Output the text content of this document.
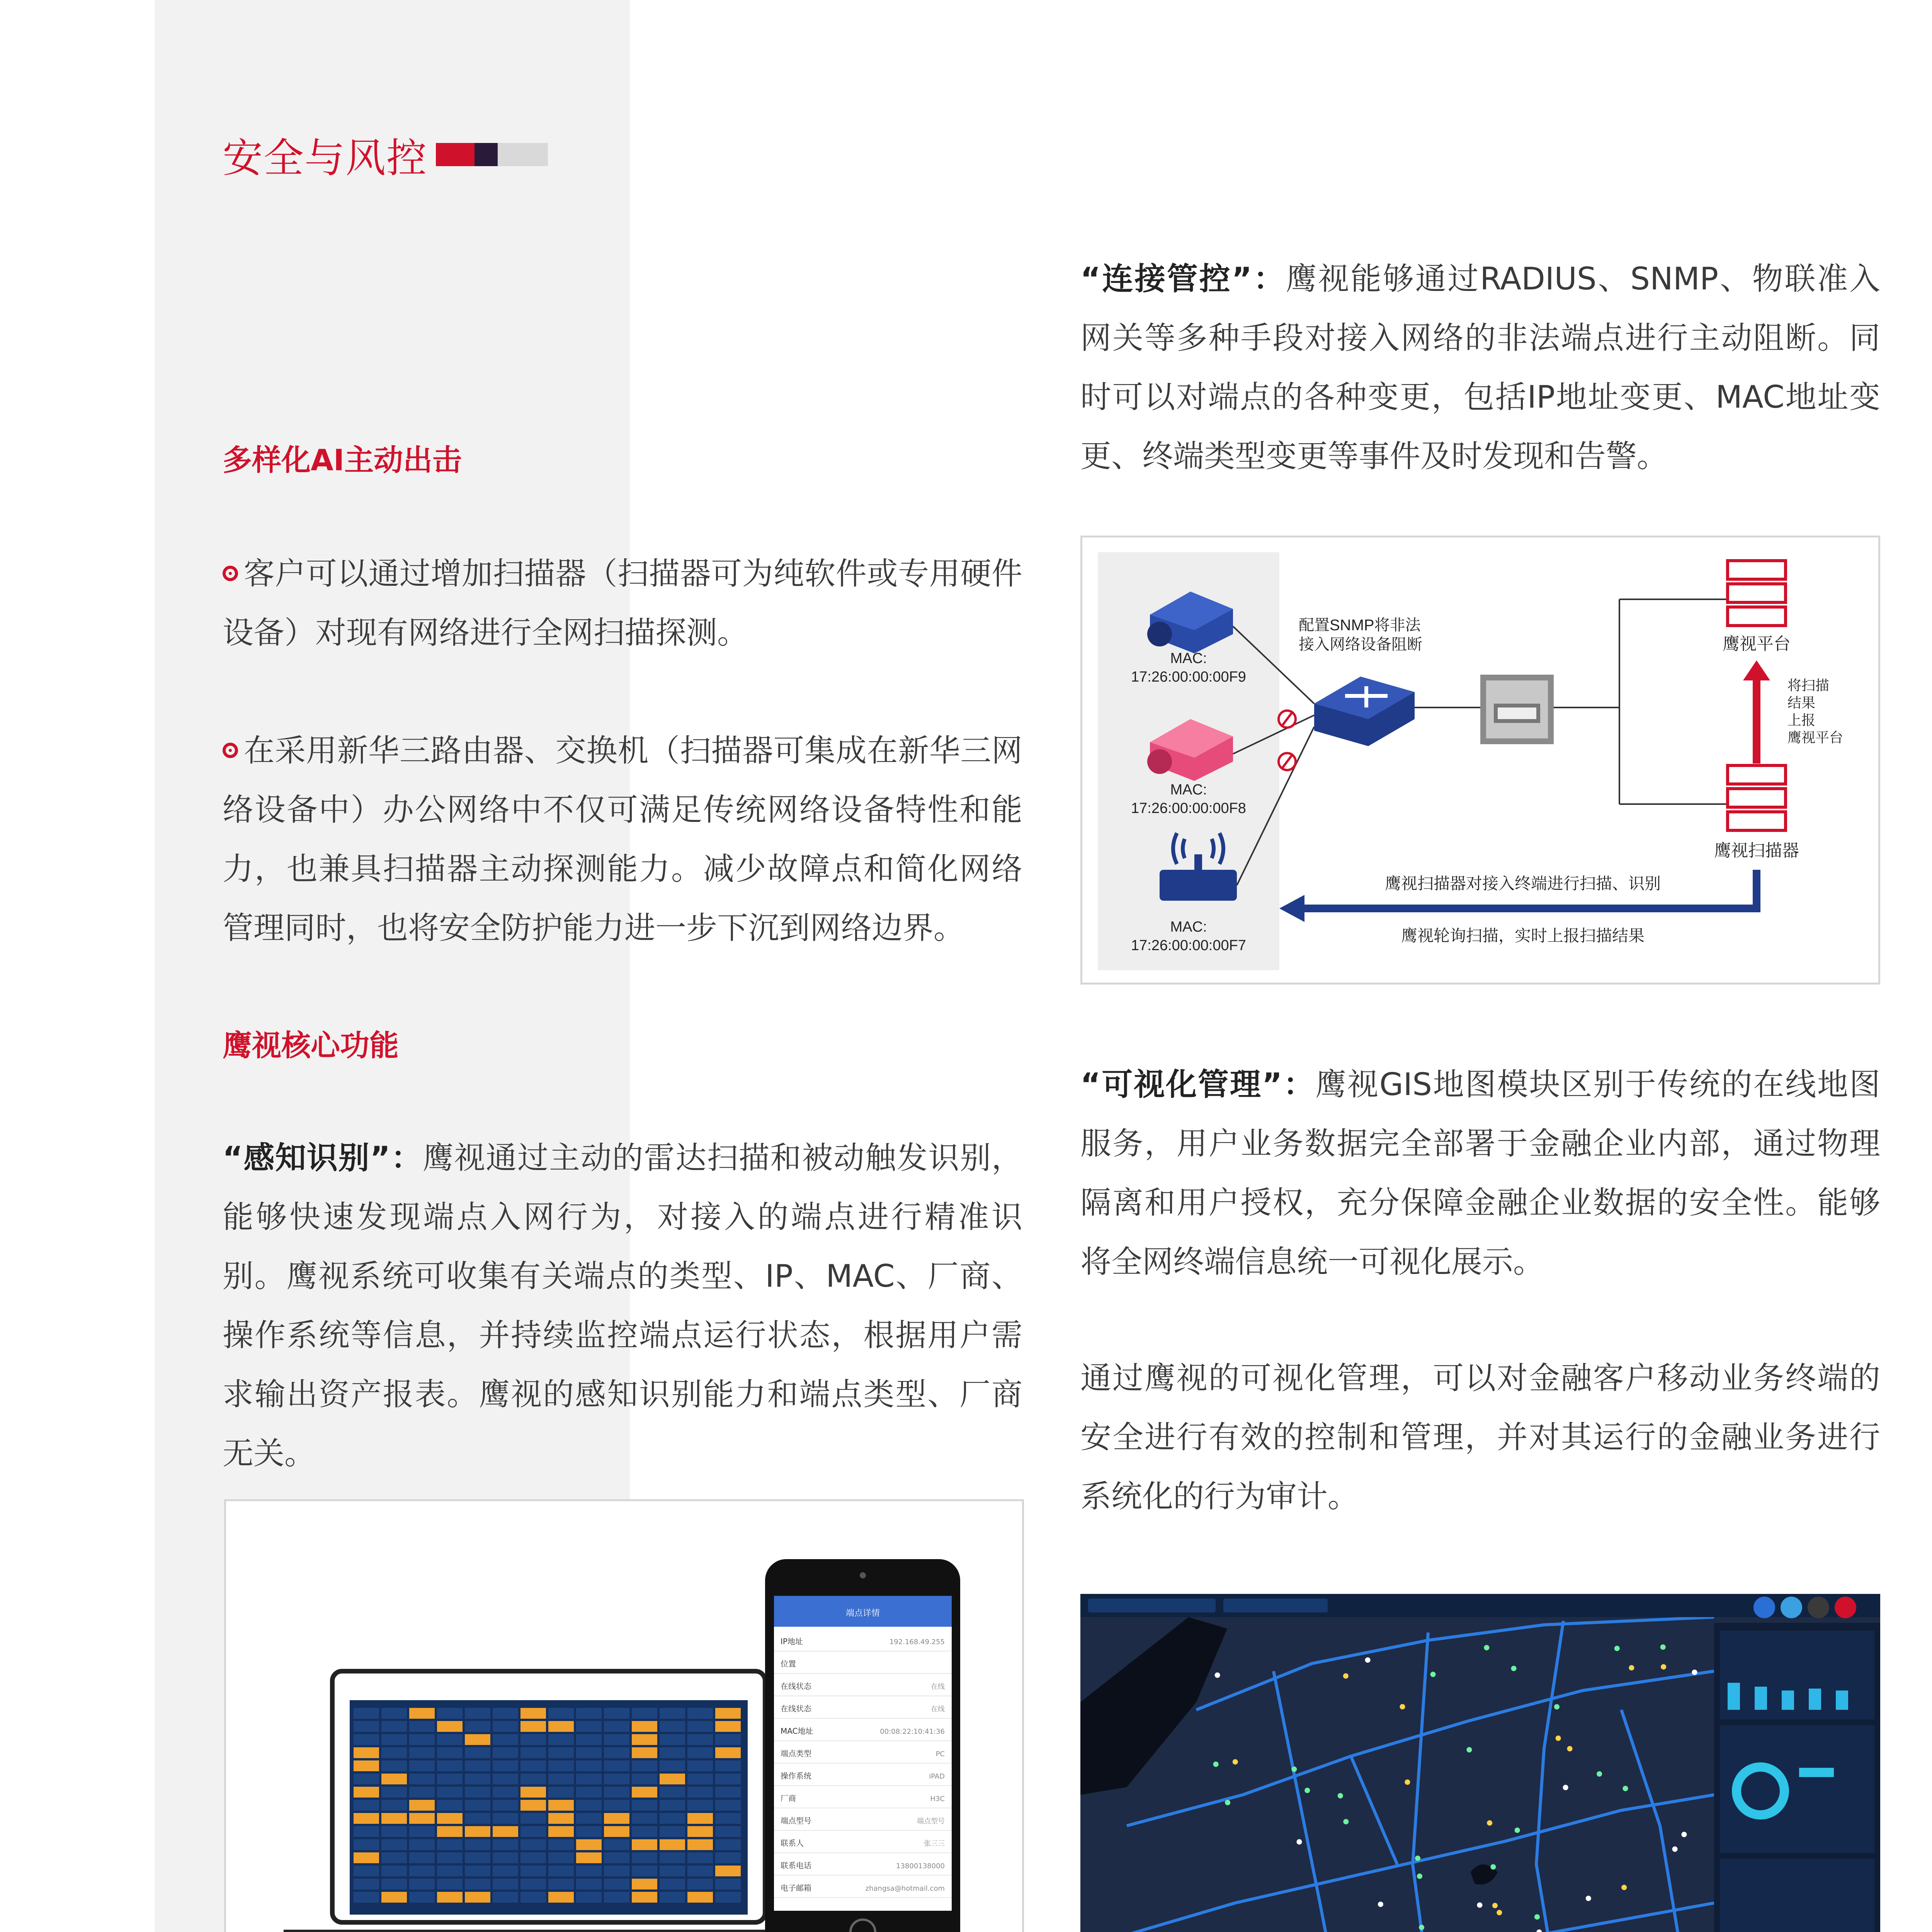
安全与风控
多样化AI主动出击
客户可以通过增加扫描器（扫描器可为纯软件或专用硬件设备）对现有网络进行全网扫描探测。
在采用新华三路由器、交换机（扫描器可集成在新华三网络设备中）办公网络中不仅可满足传统网络设备特性和能力，也兼具扫描器主动探测能力。减少故障点和简化网络管理同时，也将安全防护能力进一步下沉到网络边界。
鹰视核心功能
“感知识别”：鹰视通过主动的雷达扫描和被动触发识别，能够快速发现端点入网行为，对接入的端点进行精准识别。鹰视系统可收集有关端点的类型、IP、MAC、厂商、操作系统等信息，并持续监控端点运行状态，根据用户需求输出资产报表。鹰视的感知识别能力和端点类型、厂商无关。
端点详情
IP地址	192.168.49.255
位置
在线状态	在线
在线状态	在线
MAC地址	00:08:22:10:41:36
端点类型	PC
操作系统	iPAD
厂商	H3C
端点型号	端点型号
联系人	张三三
联系电话	13800138000
电子邮箱	zhangsa@hotmail.com
“连接管控”：鹰视能够通过RADIUS、SNMP、物联准入网关等多种手段对接入网络的非法端点进行主动阻断。同时可以对端点的各种变更，包括IP地址变更、MAC地址变更、终端类型变更等事件及时发现和告警。
MAC: 17:26:00:00:00F9
MAC: 17:26:00:00:00F8
MAC: 17:26:00:00:00F7
配置SNMP将非法接入网络设备阻断	鹰视平台
将扫描结果上报鹰视平台
鹰视扫描器
鹰视扫描器对接入终端进行扫描、识别
鹰视轮询扫描，实时上报扫描结果
“可视化管理”：鹰视GIS地图模块区别于传统的在线地图服务，用户业务数据完全部署于金融企业内部，通过物理隔离和用户授权，充分保障金融企业数据的安全性。能够将全网终端信息统一可视化展示。
通过鹰视的可视化管理，可以对金融客户移动业务终端的安全进行有效的控制和管理，并对其运行的金融业务进行系统化的行为审计。
